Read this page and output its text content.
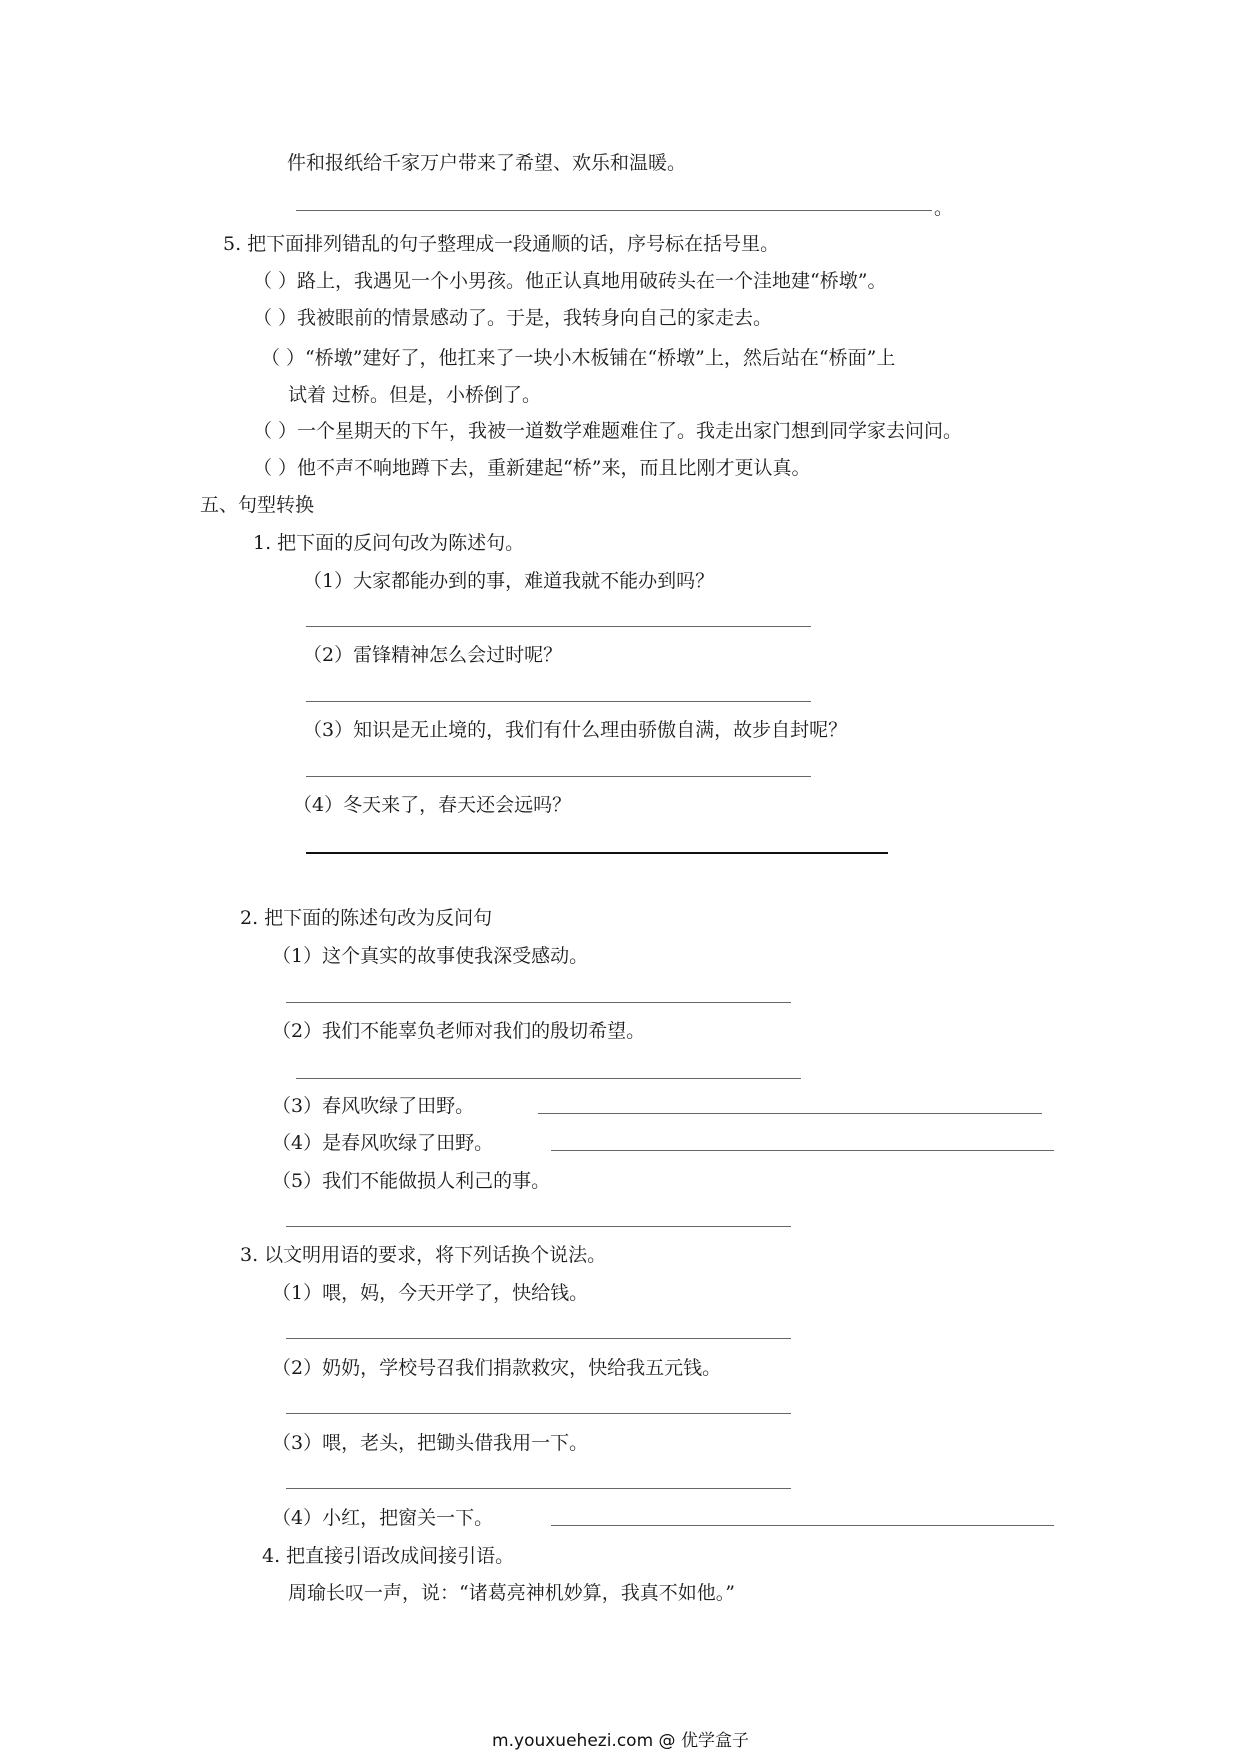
件和报纸给千家万户带来了希望、欢乐和温暖。
。
5. 把下面排列错乱的句子整理成一段通顺的话，序号标在括号里。
（ ）路上，我遇见一个小男孩。他正认真地用破砖头在一个洼地建“桥墩”。
（ ）我被眼前的情景感动了。于是，我转身向自己的家走去。
（ ）“桥墩”建好了，他扛来了一块小木板铺在“桥墩”上，然后站在“桥面”上
试着 过桥。但是，小桥倒了。
（ ）一个星期天的下午，我被一道数学难题难住了。我走出家门想到同学家去问问。
（ ）他不声不响地蹲下去，重新建起“桥”来，而且比刚才更认真。
五、句型转换
1. 把下面的反问句改为陈述句。
（1）大家都能办到的事，难道我就不能办到吗？
（2）雷锋精神怎么会过时呢？
（3）知识是无止境的，我们有什么理由骄傲自满，故步自封呢？
（4）冬天来了，春天还会远吗？
2. 把下面的陈述句改为反问句
（1）这个真实的故事使我深受感动。
（2）我们不能辜负老师对我们的殷切希望。
（3）春风吹绿了田野。
（4）是春风吹绿了田野。
（5）我们不能做损人利己的事。
3. 以文明用语的要求，将下列话换个说法。
（1）喂，妈，今天开学了，快给钱。
（2）奶奶，学校号召我们捐款救灾，快给我五元钱。
（3）喂，老头，把锄头借我用一下。
（4）小红，把窗关一下。
4. 把直接引语改成间接引语。
周瑜长叹一声，说：“诸葛亮神机妙算，我真不如他。”
m.youxuehezi.com @ 优学盒子
